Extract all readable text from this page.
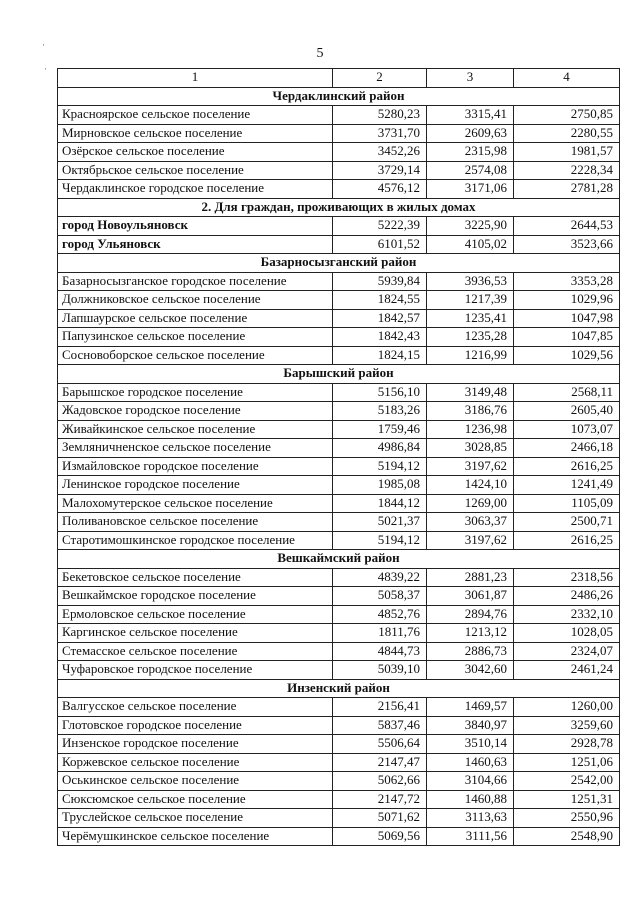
5
·
·	1	2	3	4
Чердаклинский район			
Красноярское сельское поселение	5280,23	3315,41	2750,85
Мирновское сельское поселение	3731,70	2609,63	2280,55
Озёрское сельское поселение	3452,26	2315,98	1981,57
Октябрьское сельское поселение	3729,14	2574,08	2228,34
Чердаклинское городское поселение	4576,12	3171,06	2781,28
2. Для граждан, проживающих в жилых домах			
город Новоульяновск	5222,39	3225,90	2644,53
город Ульяновск	6101,52	4105,02	3523,66
Базарносызганский район			
Базарносызганское городское поселение	5939,84	3936,53	3353,28
Должниковское сельское поселение	1824,55	1217,39	1029,96
Лапшаурское сельское поселение	1842,57	1235,41	1047,98
Папузинское сельское поселение	1842,43	1235,28	1047,85
Сосновоборское сельское поселение	1824,15	1216,99	1029,56
Барышский район			
Барышское городское поселение	5156,10	3149,48	2568,11
Жадовское городское поселение	5183,26	3186,76	2605,40
Живайкинское сельское поселение	1759,46	1236,98	1073,07
Земляничненское сельское поселение	4986,84	3028,85	2466,18
Измайловское городское поселение	5194,12	3197,62	2616,25
Ленинское городское поселение	1985,08	1424,10	1241,49
Малохомутерское сельское поселение	1844,12	1269,00	1105,09
Поливановское сельское поселение	5021,37	3063,37	2500,71
Старотимошкинское городское поселение	5194,12	3197,62	2616,25
Вешкаймский район			
Бекетовское сельское поселение	4839,22	2881,23	2318,56
Вешкаймское городское поселение	5058,37	3061,87	2486,26
Ермоловское сельское поселение	4852,76	2894,76	2332,10
Каргинское сельское поселение	1811,76	1213,12	1028,05
Стемасское сельское поселение	4844,73	2886,73	2324,07
Чуфаровское городское поселение	5039,10	3042,60	2461,24
Инзенский район			
Валгусское сельское поселение	2156,41	1469,57	1260,00
Глотовское городское поселение	5837,46	3840,97	3259,60
Инзенское городское поселение	5506,64	3510,14	2928,78
Коржевское сельское поселение	2147,47	1460,63	1251,06
Оськинское сельское поселение	5062,66	3104,66	2542,00
Сюксюмское сельское поселение	2147,72	1460,88	1251,31
Труслейское сельское поселение	5071,62	3113,63	2550,96
Черёмушкинское сельское поселение	5069,56	3111,56	2548,90
